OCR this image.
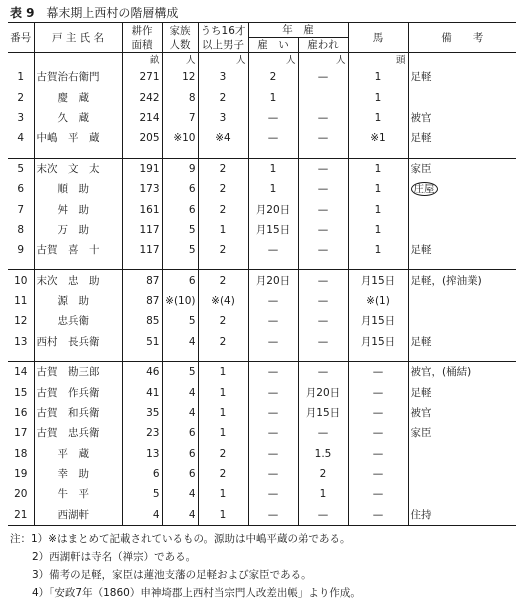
表 9 幕末期上西村の階層構成
番号	戸 主 氏 名	耕作面積	家族人数	うち16才以上男子	年　雇		馬	備　　考
					雇　い	雇われ		
		畝	人	人	人	人	頭	
1	古賀治右衛門	271	12	3	2	—	1	足軽
2	　　慶　蔵	242	8	2	1		1	
3	　　久　蔵	214	7	3	—	—	1	被官
4	中嶋　平　蔵	205	※10	※4	—	—	※1	足軽

5	末次　文　太	191	9	2	1	—	1	家臣
6	　　順　助	173	6	2	1	—	1	庄屋
7	　　舛　助	161	6	2	月20日	—	1	
8	　　万　助	117	5	1	月15日	—	1	
9	古賀　喜　十	117	5	2	—	—	1	足軽

10	末次　忠　助	87	6	2	月20日	—	月15日	足軽，(搾油業)
11	　　源　助	87	※(10)	※(4)	—	—	※(1)	
12	　　忠兵衛	85	5	2	—	—	月15日	
13	西村　長兵衛	51	4	2	—	—	月15日	足軽

14	古賀　勘三郎	46	5	1	—	—	—	被官，(桶結)
15	古賀　作兵衛	41	4	1	—	月20日	—	足軽
16	古賀　和兵衛	35	4	1	—	月15日	—	被官
17	古賀　忠兵衛	23	6	1	—	—	—	家臣
18	　　平　蔵	13	6	2	—	1.5	—	
19	　　幸　助	6	6	2	—	2	—	
20	　　牛　平	5	4	1	—	1	—	
21	　　西湖軒	4	4	1	—	—	—	住持
注：1）※はまとめて記載されているもの。源助は中嶋平蔵の弟である。
2）西湖軒は寺名（禅宗）である。
3）備考の足軽，家臣は蓮池支藩の足軽および家臣である。
4）「安政7年（1860）申神埼郡上西村当宗門人改差出帳」より作成。
